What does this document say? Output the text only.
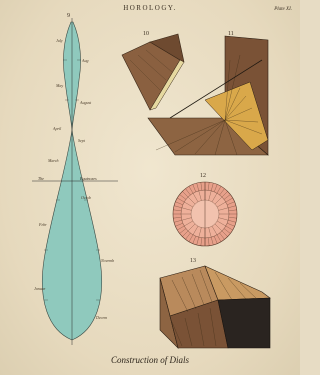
HOROLOGY.	Plate XI.
9
10	11
12
13
July
Aug
May
August
April
Sept
March
Octob
Febr
Novemb
Januar
Decem
The	Equinoxes
Construction of Dials
